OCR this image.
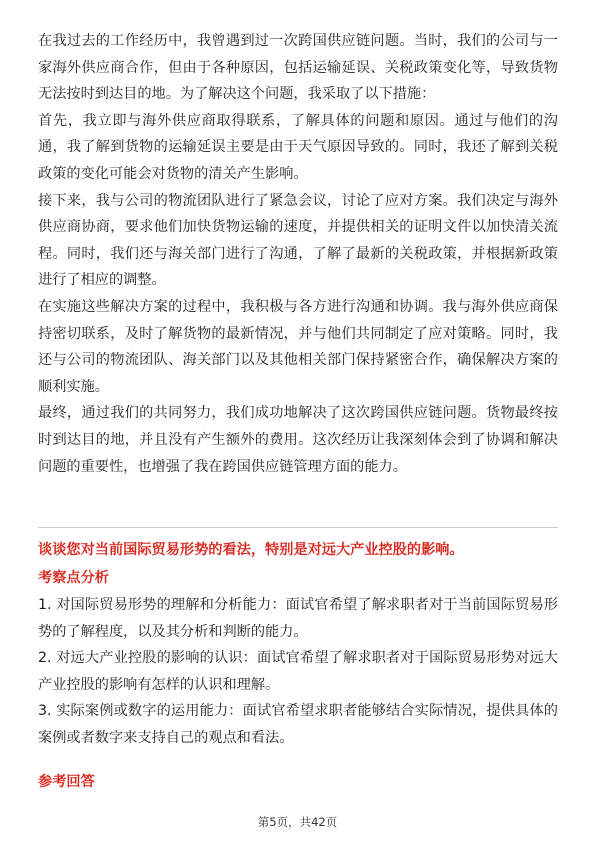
在我过去的工作经历中，我曾遇到过一次跨国供应链问题。当时，我们的公司与一家海外供应商合作，但由于各种原因，包括运输延误、关税政策变化等，导致货物无法按时到达目的地。为了解决这个问题，我采取了以下措施：

首先，我立即与海外供应商取得联系，了解具体的问题和原因。通过与他们的沟通，我了解到货物的运输延误主要是由于天气原因导致的。同时，我还了解到关税政策的变化可能会对货物的清关产生影响。

接下来，我与公司的物流团队进行了紧急会议，讨论了应对方案。我们决定与海外供应商协商，要求他们加快货物运输的速度，并提供相关的证明文件以加快清关流程。同时，我们还与海关部门进行了沟通，了解了最新的关税政策，并根据新政策进行了相应的调整。

在实施这些解决方案的过程中，我积极与各方进行沟通和协调。我与海外供应商保持密切联系，及时了解货物的最新情况，并与他们共同制定了应对策略。同时，我还与公司的物流团队、海关部门以及其他相关部门保持紧密合作，确保解决方案的顺利实施。

最终，通过我们的共同努力，我们成功地解决了这次跨国供应链问题。货物最终按时到达目的地，并且没有产生额外的费用。这次经历让我深刻体会到了协调和解决问题的重要性，也增强了我在跨国供应链管理方面的能力。

谈谈您对当前国际贸易形势的看法，特别是对远大产业控股的影响。

考察点分析

1. 对国际贸易形势的理解和分析能力：面试官希望了解求职者对于当前国际贸易形势的了解程度，以及其分析和判断的能力。

2. 对远大产业控股的影响的认识：面试官希望了解求职者对于国际贸易形势对远大产业控股的影响有怎样的认识和理解。

3. 实际案例或数字的运用能力：面试官希望求职者能够结合实际情况，提供具体的案例或者数字来支持自己的观点和看法。

参考回答

第5页，共42页
